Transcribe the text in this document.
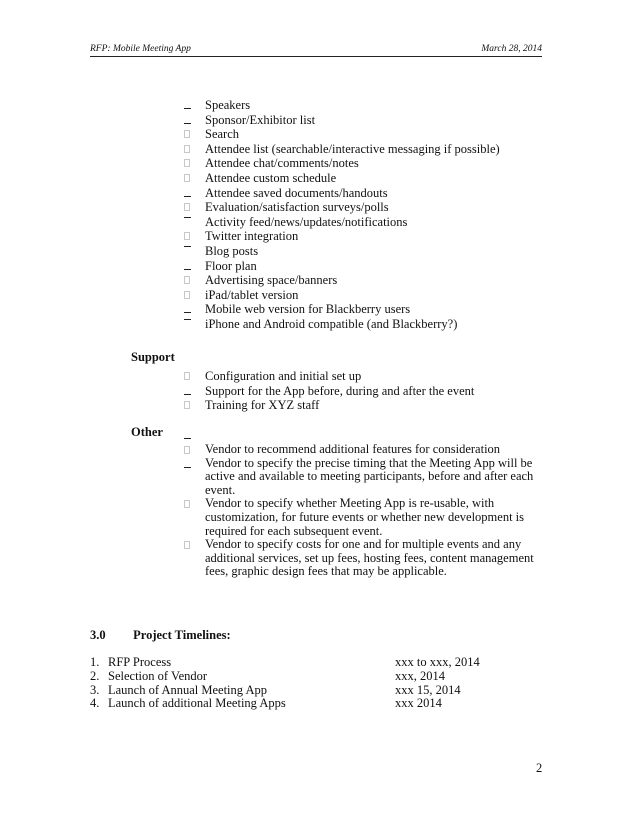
RFP: Mobile Meeting App	March 28, 2014
Speakers
Sponsor/Exhibitor list
Search
Attendee list (searchable/interactive messaging if possible)
Attendee chat/comments/notes
Attendee custom schedule
Attendee saved documents/handouts
Evaluation/satisfaction surveys/polls
Activity feed/news/updates/notifications
Twitter integration
Blog posts
Floor plan
Advertising space/banners
iPad/tablet version
Mobile web version for Blackberry users
iPhone and Android compatible (and Blackberry?)
Support
Configuration and initial set up
Support for the App before, during and after the event
Training for XYZ staff
Other
Vendor to recommend additional features for consideration
Vendor to specify the precise timing that the Meeting App will be active and available to meeting participants, before and after each event.
Vendor to specify whether Meeting App is re-usable, with customization, for future events or whether new development is required for each subsequent event.
Vendor to specify costs for one and for multiple events and any additional services, set up fees, hosting fees, content management fees, graphic design fees that may be applicable.
3.0 Project Timelines:
1. RFP Process	xxx to xxx, 2014
2. Selection of Vendor	xxx, 2014
3. Launch of Annual Meeting App	xxx 15, 2014
4. Launch of additional Meeting Apps	xxx 2014
2
